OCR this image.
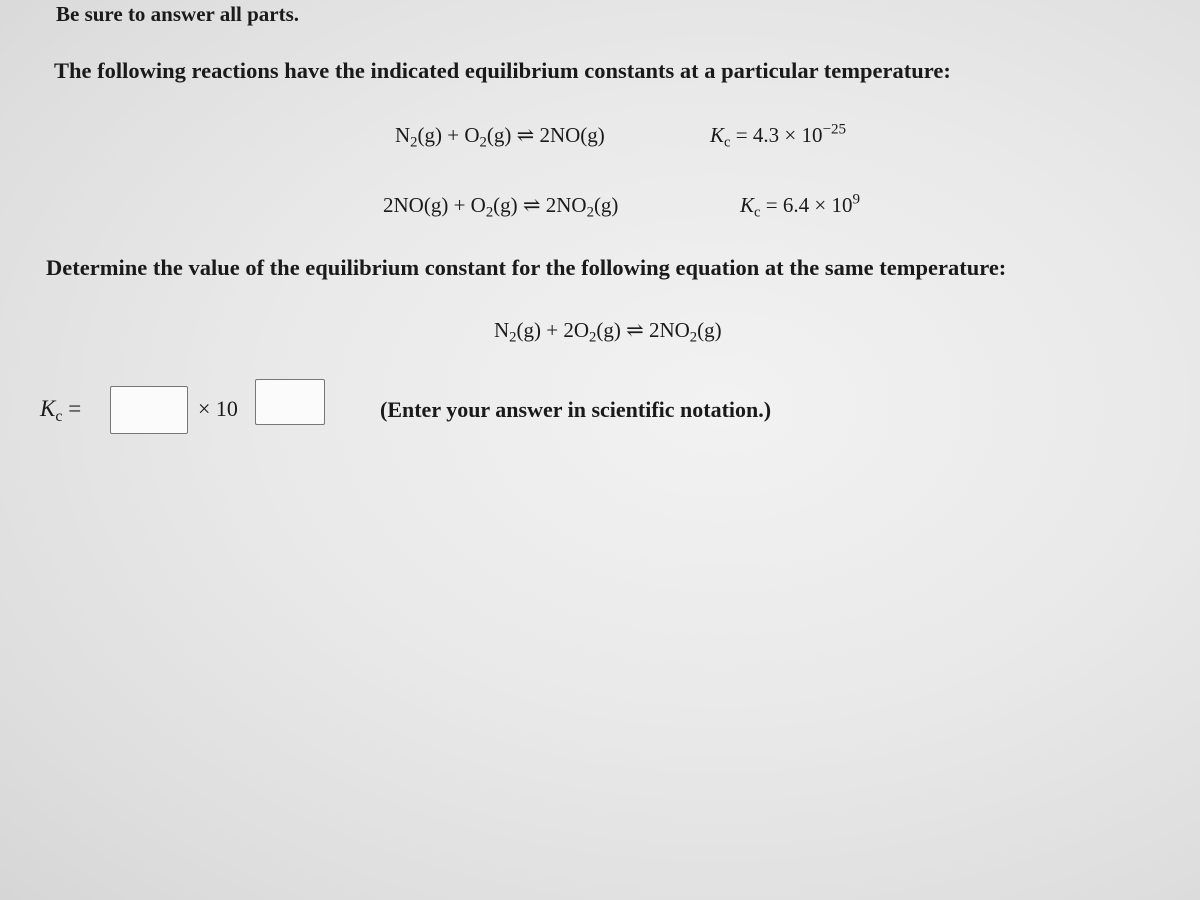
Be sure to answer all parts.
The following reactions have the indicated equilibrium constants at a particular temperature:
$N_2(g) + O_2(g)$ ⇌ 2NO(g)	$K_c = 4.3 \times 10^{-25}$
$2NO(g) + O_2(g)$ ⇌ $2NO_2(g)$	$K_c = 6.4 \times 10^9$
Determine the value of the equilibrium constant for the following equation at the same temperature:
$N_2(g) + 2O_2(g)$ ⇌ $2NO_2(g)$
$K_c$ =	× 10	(Enter your answer in scientific notation.)
